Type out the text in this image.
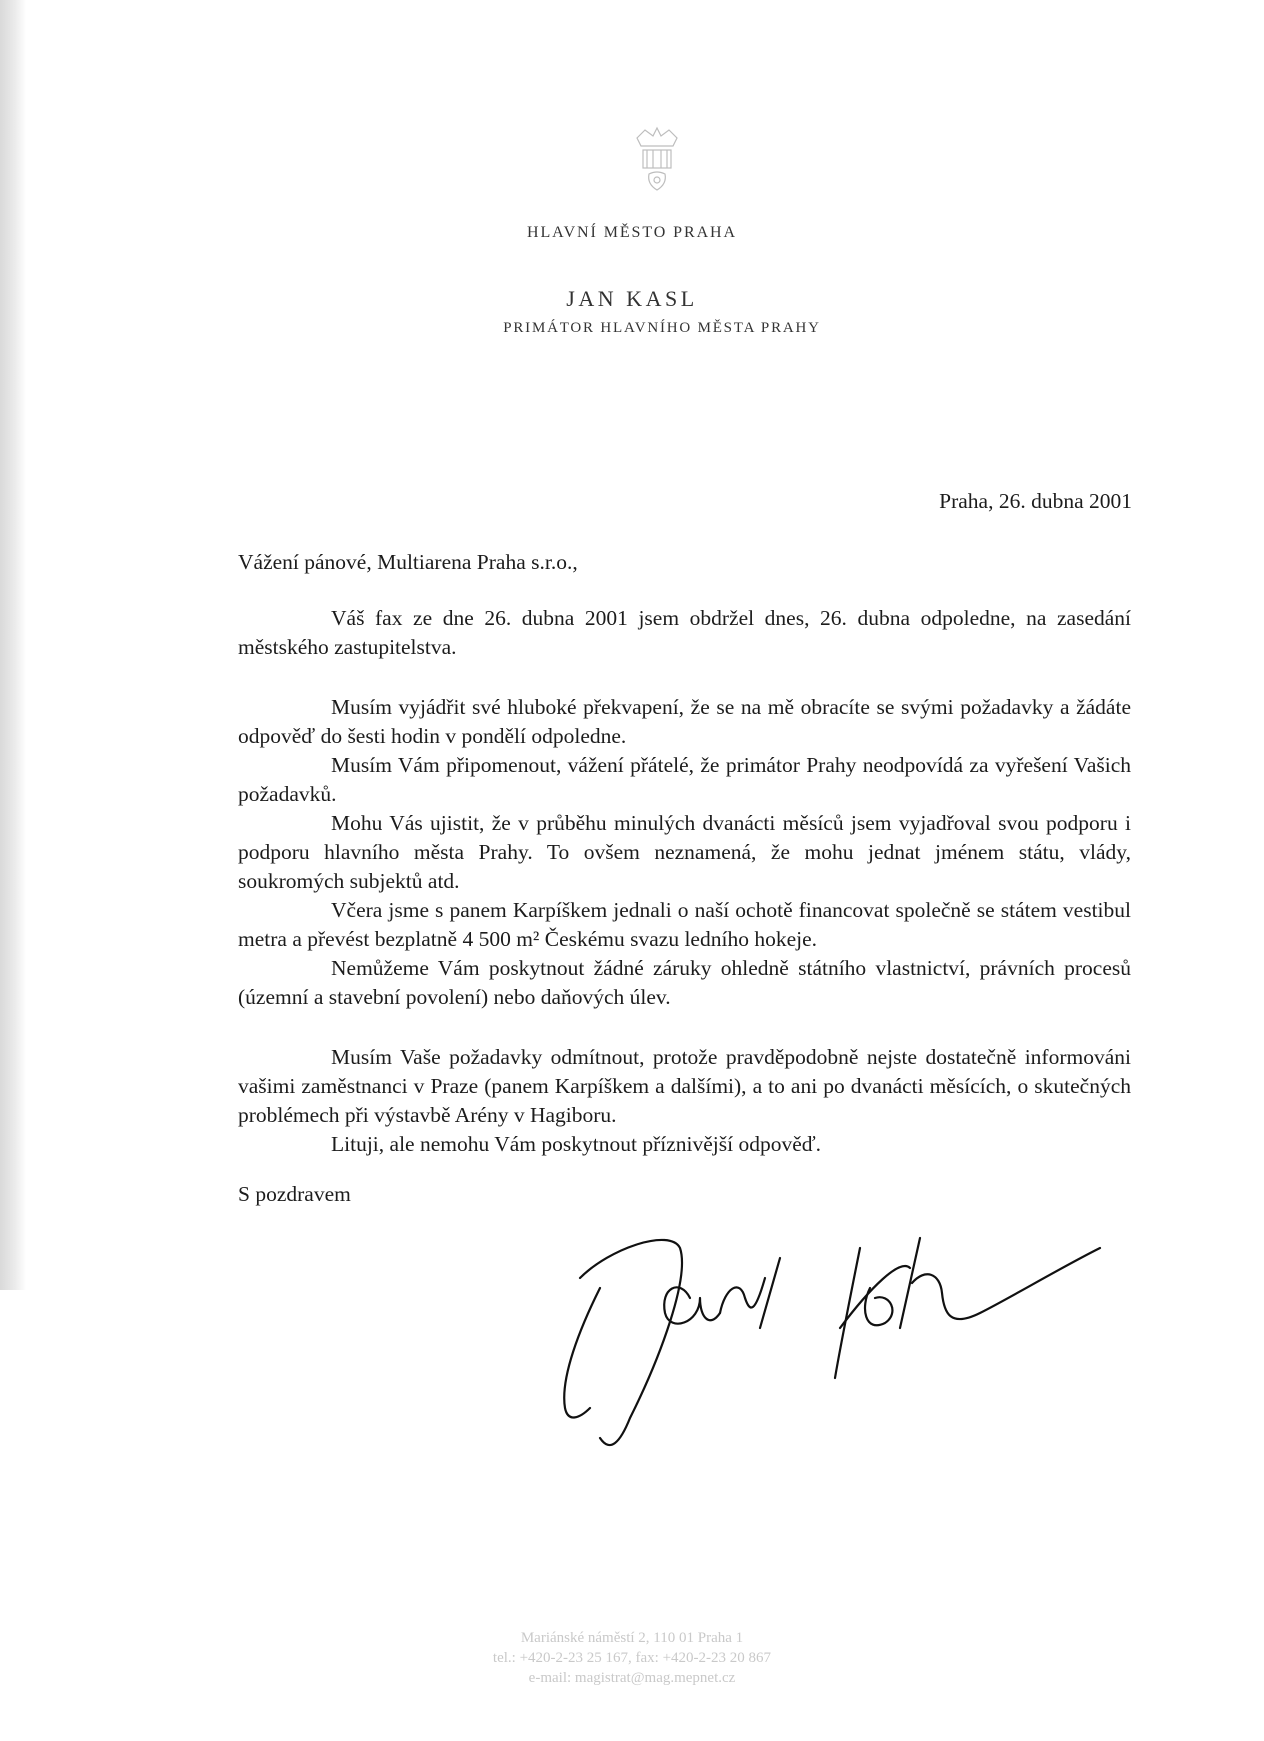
HLAVNÍ MĚSTO PRAHA
JAN KASL
PRIMÁTOR HLAVNÍHO MĚSTA PRAHY
Praha, 26. dubna 2001
Vážení pánové, Multiarena Praha s.r.o.,

Váš fax ze dne 26. dubna 2001 jsem obdržel dnes, 26. dubna odpoledne, na zasedání městského zastupitelstva.

Musím vyjádřit své hluboké překvapení, že se na mě obracíte se svými požadavky a žádáte odpověď do šesti hodin v pondělí odpoledne.

Musím Vám připomenout, vážení přátelé, že primátor Prahy neodpovídá za vyřešení Vašich požadavků.

Mohu Vás ujistit, že v průběhu minulých dvanácti měsíců jsem vyjadřoval svou podporu i podporu hlavního města Prahy. To ovšem neznamená, že mohu jednat jménem státu, vlády, soukromých subjektů atd.

Včera jsme s panem Karpíškem jednali o naší ochotě financovat společně se státem vestibul metra a převést bezplatně 4 500 m² Českému svazu ledního hokeje.

Nemůžeme Vám poskytnout žádné záruky ohledně státního vlastnictví, právních procesů (územní a stavební povolení) nebo daňových úlev.

Musím Vaše požadavky odmítnout, protože pravděpodobně nejste dostatečně informováni vašimi zaměstnanci v Praze (panem Karpíškem a dalšími), a to ani po dvanácti měsících, o skutečných problémech při výstavbě Arény v Hagiboru.

Lituji, ale nemohu Vám poskytnout příznivější odpověď.

S pozdravem
Mariánské náměstí 2, 110 01 Praha 1
tel.: +420-2-23 25 167, fax: +420-2-23 20 867
e-mail: magistrat@mag.mepnet.cz
